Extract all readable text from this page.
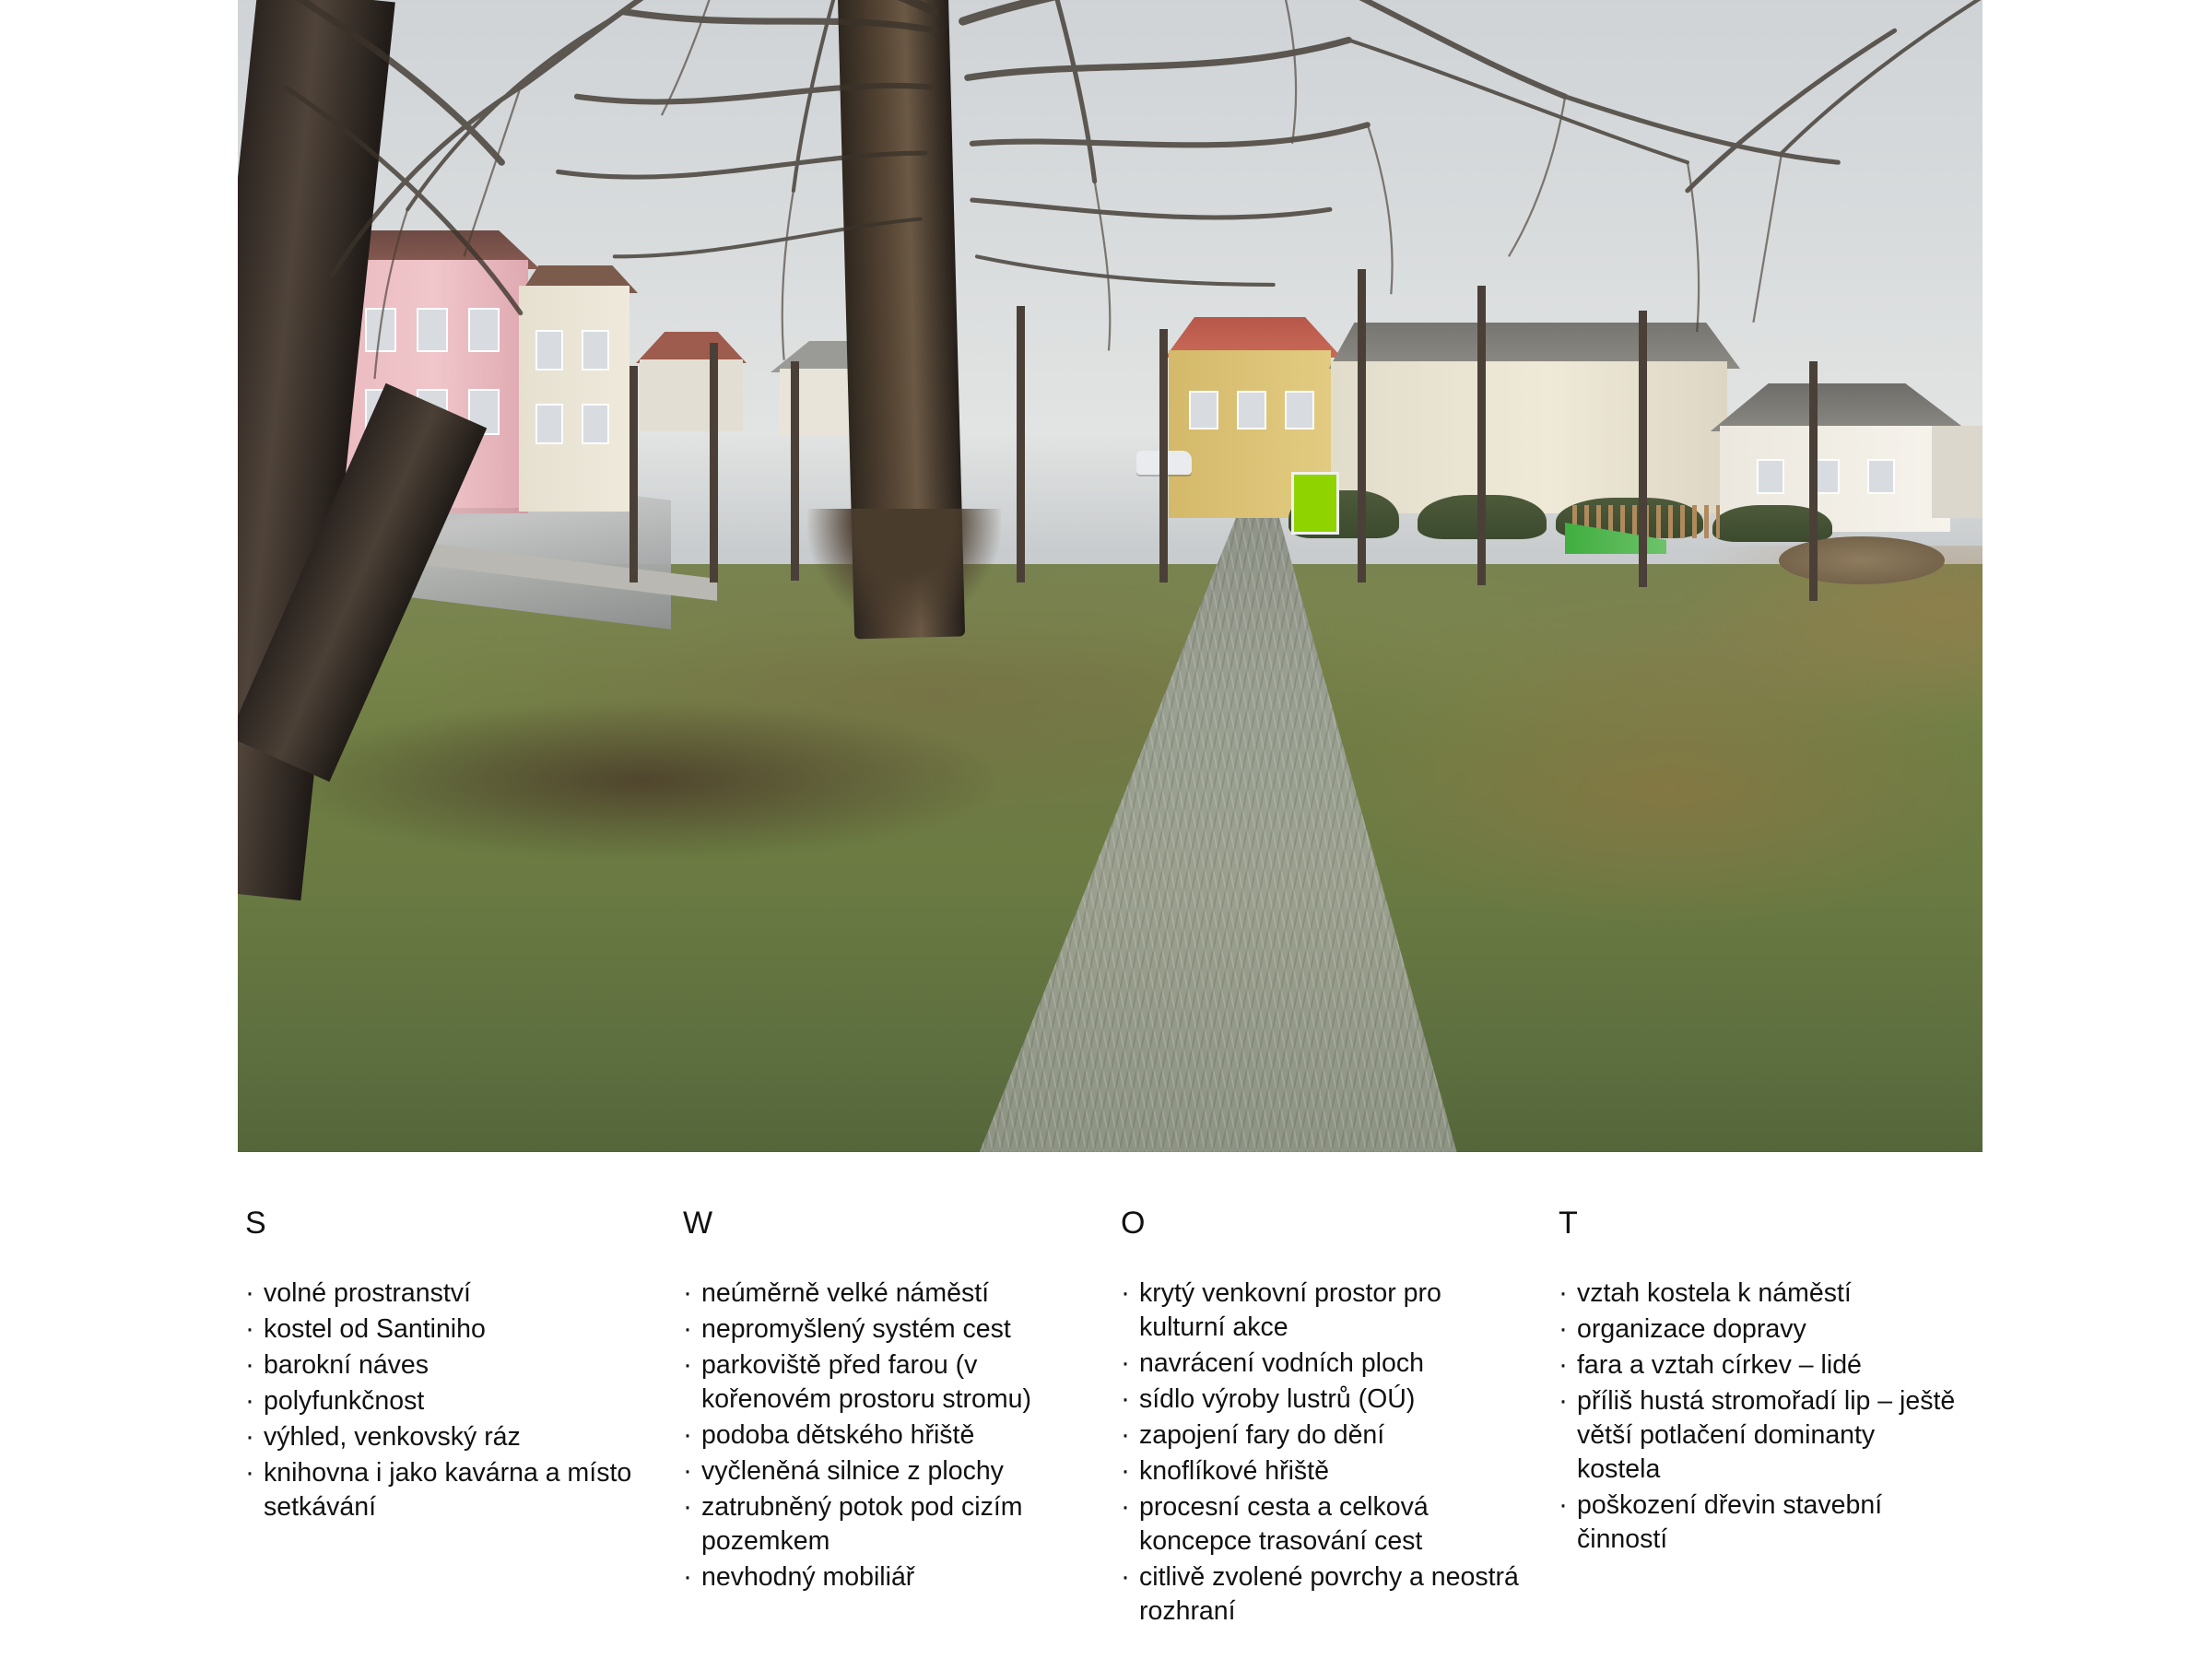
S
· volné prostranství
· kostel od Santiniho
· barokní náves
· polyfunkčnost
· výhled, venkovský ráz
· knihovna i jako kavárna a místo setkávání
W
· neúměrně velké náměstí
· nepromyšlený systém cest
· parkoviště před farou (v kořenovém prostoru stromu)
· podoba dětského hřiště
· vyčleněná silnice z plochy
· zatrubněný potok pod cizím pozemkem
· nevhodný mobiliář
O
· krytý venkovní prostor pro kulturní akce
· navrácení vodních ploch
· sídlo výroby lustrů (OÚ)
· zapojení fary do dění
· knoflíkové hřiště
· procesní cesta a celková koncepce trasování cest
· citlivě zvolené povrchy a neostrá rozhraní
T
· vztah kostela k náměstí
· organizace dopravy
· fara a vztah církev – lidé
· příliš hustá stromořadí lip – ještě větší potlačení dominanty kostela
· poškození dřevin stavební činností
